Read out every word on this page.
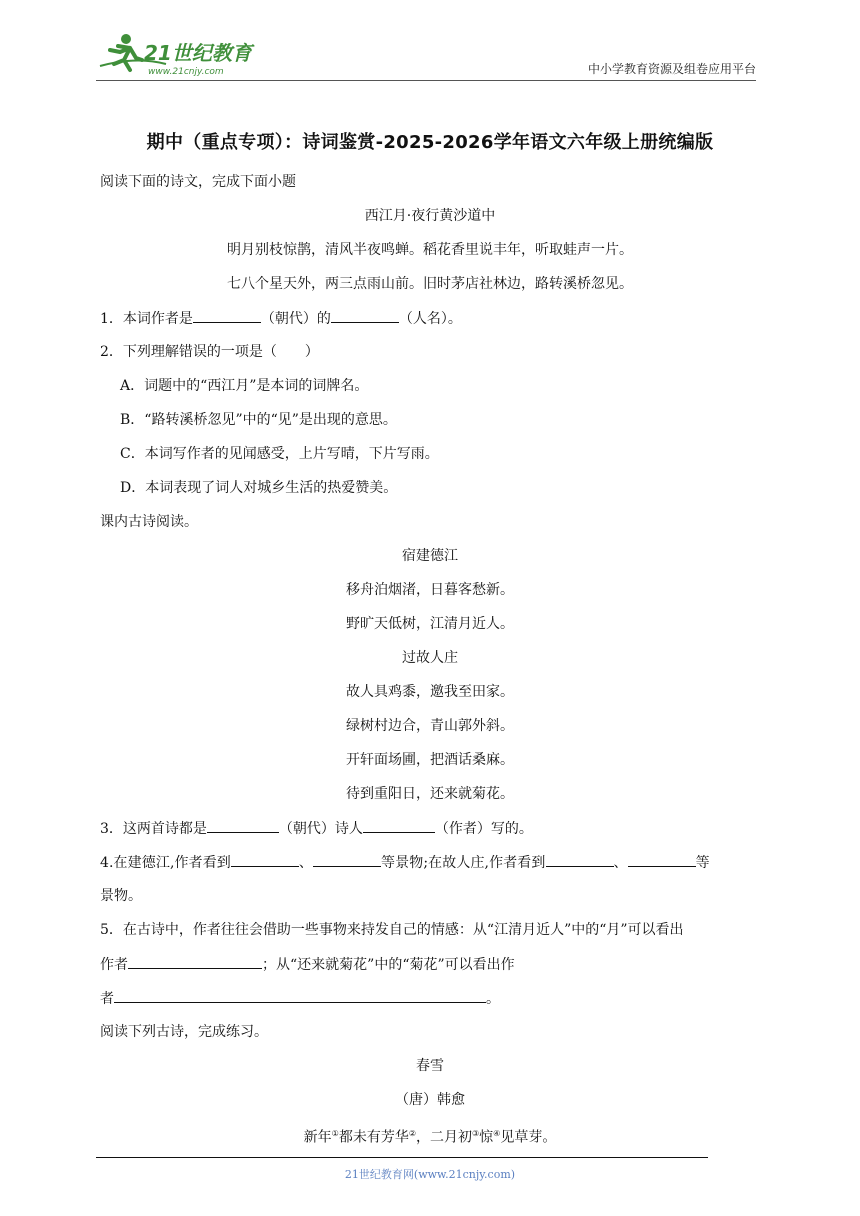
21世纪教育
www.21cnjy.com	中小学教育资源及组卷应用平台
期中（重点专项）：诗词鉴赏-2025-2026学年语文六年级上册统编版
阅读下面的诗文，完成下面小题
西江月·夜行黄沙道中
明月别枝惊鹊，清风半夜鸣蝉。稻花香里说丰年，听取蛙声一片。
七八个星天外，两三点雨山前。旧时茅店社林边，路转溪桥忽见。
1．本词作者是	（朝代）的	（人名）。
2．下列理解错误的一项是（　　）
A．词题中的“西江月”是本词的词牌名。
B．“路转溪桥忽见”中的“见”是出现的意思。
C．本词写作者的见闻感受，上片写晴，下片写雨。
D．本词表现了词人对城乡生活的热爱赞美。
课内古诗阅读。
宿建德江
移舟泊烟渚，日暮客愁新。
野旷天低树，江清月近人。
过故人庄
故人具鸡黍，邀我至田家。
绿树村边合，青山郭外斜。
开轩面场圃，把酒话桑麻。
待到重阳日，还来就菊花。
3．这两首诗都是	（朝代）诗人	（作者）写的。
4.在建德江,作者看到	、	等景物;在故人庄,作者看到	、	等
景物。
5．在古诗中，作者往往会借助一些事物来持发自己的情感：从“江清月近人”中的“月”可以看出
作者	；从“还来就菊花”中的“菊花”可以看出作
者	。
阅读下列古诗，完成练习。
春雪
（唐）韩愈
新年①都未有芳华②，二月初③惊④见草芽。
21世纪教育网(www.21cnjy.com)
